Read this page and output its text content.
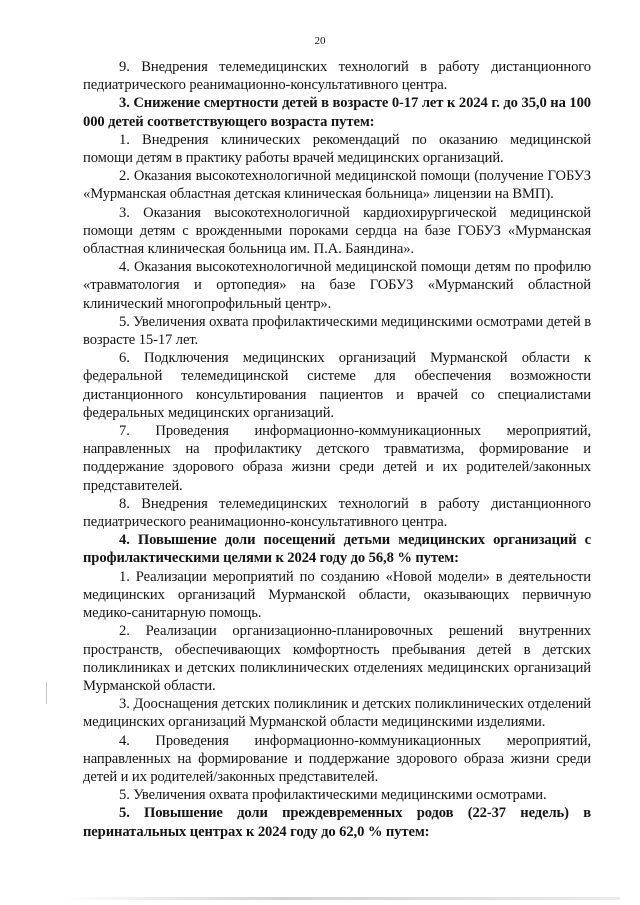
20

9. Внедрения телемедицинских технологий в работу дистанционного педиатрического реанимационно-консультативного центра.

3. Снижение смертности детей в возрасте 0-17 лет к 2024 г. до 35,0 на 100 000 детей соответствующего возраста путем:

1. Внедрения клинических рекомендаций по оказанию медицинской помощи детям в практику работы врачей медицинских организаций.

2. Оказания высокотехнологичной медицинской помощи (получение ГОБУЗ «Мурманская областная детская клиническая больница» лицензии на ВМП).

3. Оказания высокотехнологичной кардиохирургической медицинской помощи детям с врожденными пороками сердца на базе ГОБУЗ «Мурманская областная клиническая больница им. П.А. Баяндина».

4. Оказания высокотехнологичной медицинской помощи детям по профилю «травматология и ортопедия» на базе ГОБУЗ «Мурманский областной клинический многопрофильный центр».

5. Увеличения охвата профилактическими медицинскими осмотрами детей в возрасте 15-17 лет.

6. Подключения медицинских организаций Мурманской области к федеральной телемедицинской системе для обеспечения возможности дистанционного консультирования пациентов и врачей со специалистами федеральных медицинских организаций.

7. Проведения информационно-коммуникационных мероприятий, направленных на профилактику детского травматизма, формирование и поддержание здорового образа жизни среди детей и их родителей/законных представителей.

8. Внедрения телемедицинских технологий в работу дистанционного педиатрического реанимационно-консультативного центра.

4. Повышение доли посещений детьми медицинских организаций с профилактическими целями к 2024 году до 56,8 % путем:

1. Реализации мероприятий по созданию «Новой модели» в деятельности медицинских организаций Мурманской области, оказывающих первичную медико-санитарную помощь.

2. Реализации организационно-планировочных решений внутренних пространств, обеспечивающих комфортность пребывания детей в детских поликлиниках и детских поликлинических отделениях медицинских организаций Мурманской области.

3. Дооснащения детских поликлиник и детских поликлинических отделений медицинских организаций Мурманской области медицинскими изделиями.

4. Проведения информационно-коммуникационных мероприятий, направленных на формирование и поддержание здорового образа жизни среди детей и их родителей/законных представителей.

5. Увеличения охвата профилактическими медицинскими осмотрами.

5. Повышение доли преждевременных родов (22-37 недель) в перинатальных центрах к 2024 году до 62,0 % путем:
